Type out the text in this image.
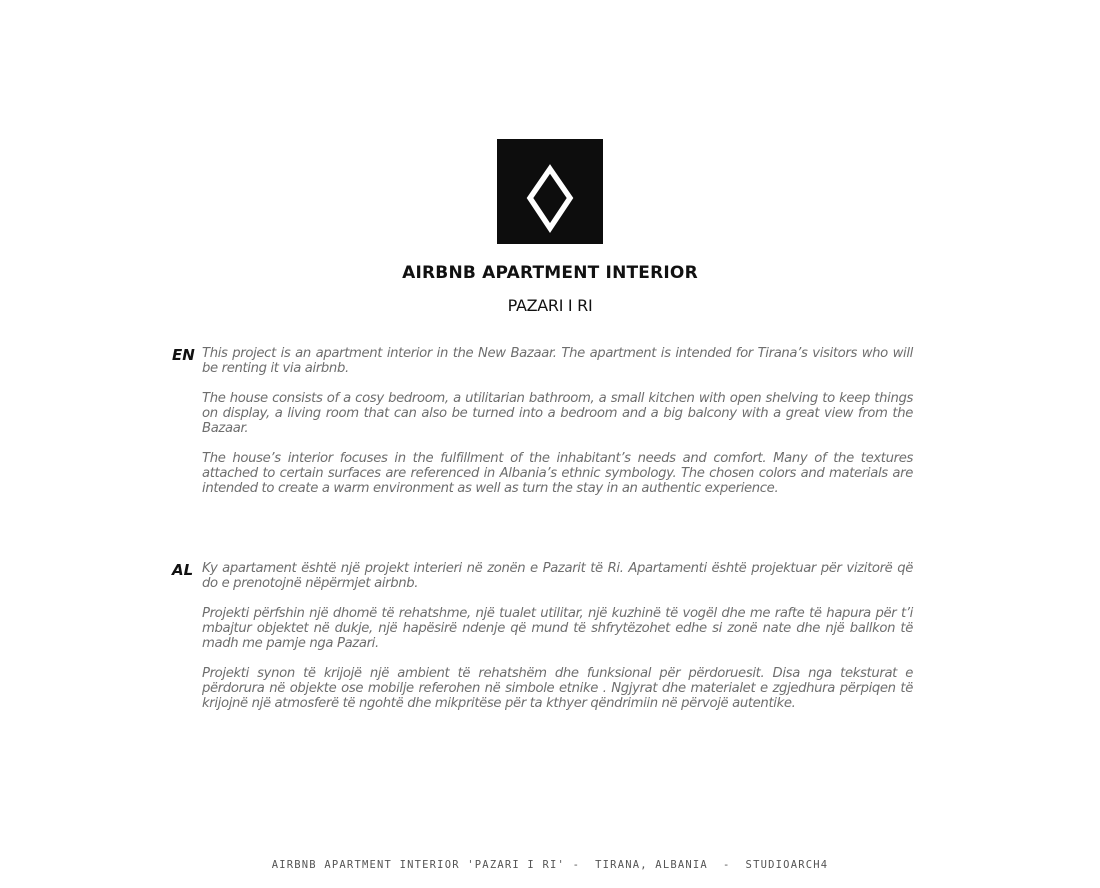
AIRBNB APARTMENT INTERIOR
PAZARI I RI
EN This project is an apartment interior in the New Bazaar. The apartment is intended for Tirana’s visitors who will be renting it via airbnb.

The house consists of a cosy bedroom, a utilitarian bathroom, a small kitchen with open shelving to keep things on display, a living room that can also be turned into a bedroom and a big balcony with a great view from the Bazaar.

The house’s interior focuses in the fulfillment of the inhabitant’s needs and comfort. Many of the textures attached to certain surfaces are referenced in Albania’s ethnic symbology. The chosen colors and materials are intended to create a warm environment as well as turn the stay in an authentic experience.

AL Ky apartament është një projekt interieri në zonën e Pazarit të Ri. Apartamenti është projektuar për vizitorë që do e prenotojnë nëpërmjet airbnb.

Projekti përfshin një dhomë të rehatshme, një tualet utilitar, një kuzhinë të vogël dhe me rafte të hapura për t’i mbajtur objektet në dukje, një hapësirë ndenje që mund të shfrytëzohet edhe si zonë nate dhe një ballkon të madh me pamje nga Pazari.

Projekti synon të krijojë një ambient të rehatshëm dhe funksional për përdoruesit. Disa nga teksturat e përdorura në objekte ose mobilje referohen në simbole etnike . Ngjyrat dhe materialet e zgjedhura përpiqen të krijojnë një atmosferë të ngohtë dhe mikpritëse për ta kthyer qëndrimiin në përvojë autentike.

AIRBNB APARTMENT INTERIOR 'PAZARI I RI' -  TIRANA, ALBANIA  -  STUDIOARCH4
